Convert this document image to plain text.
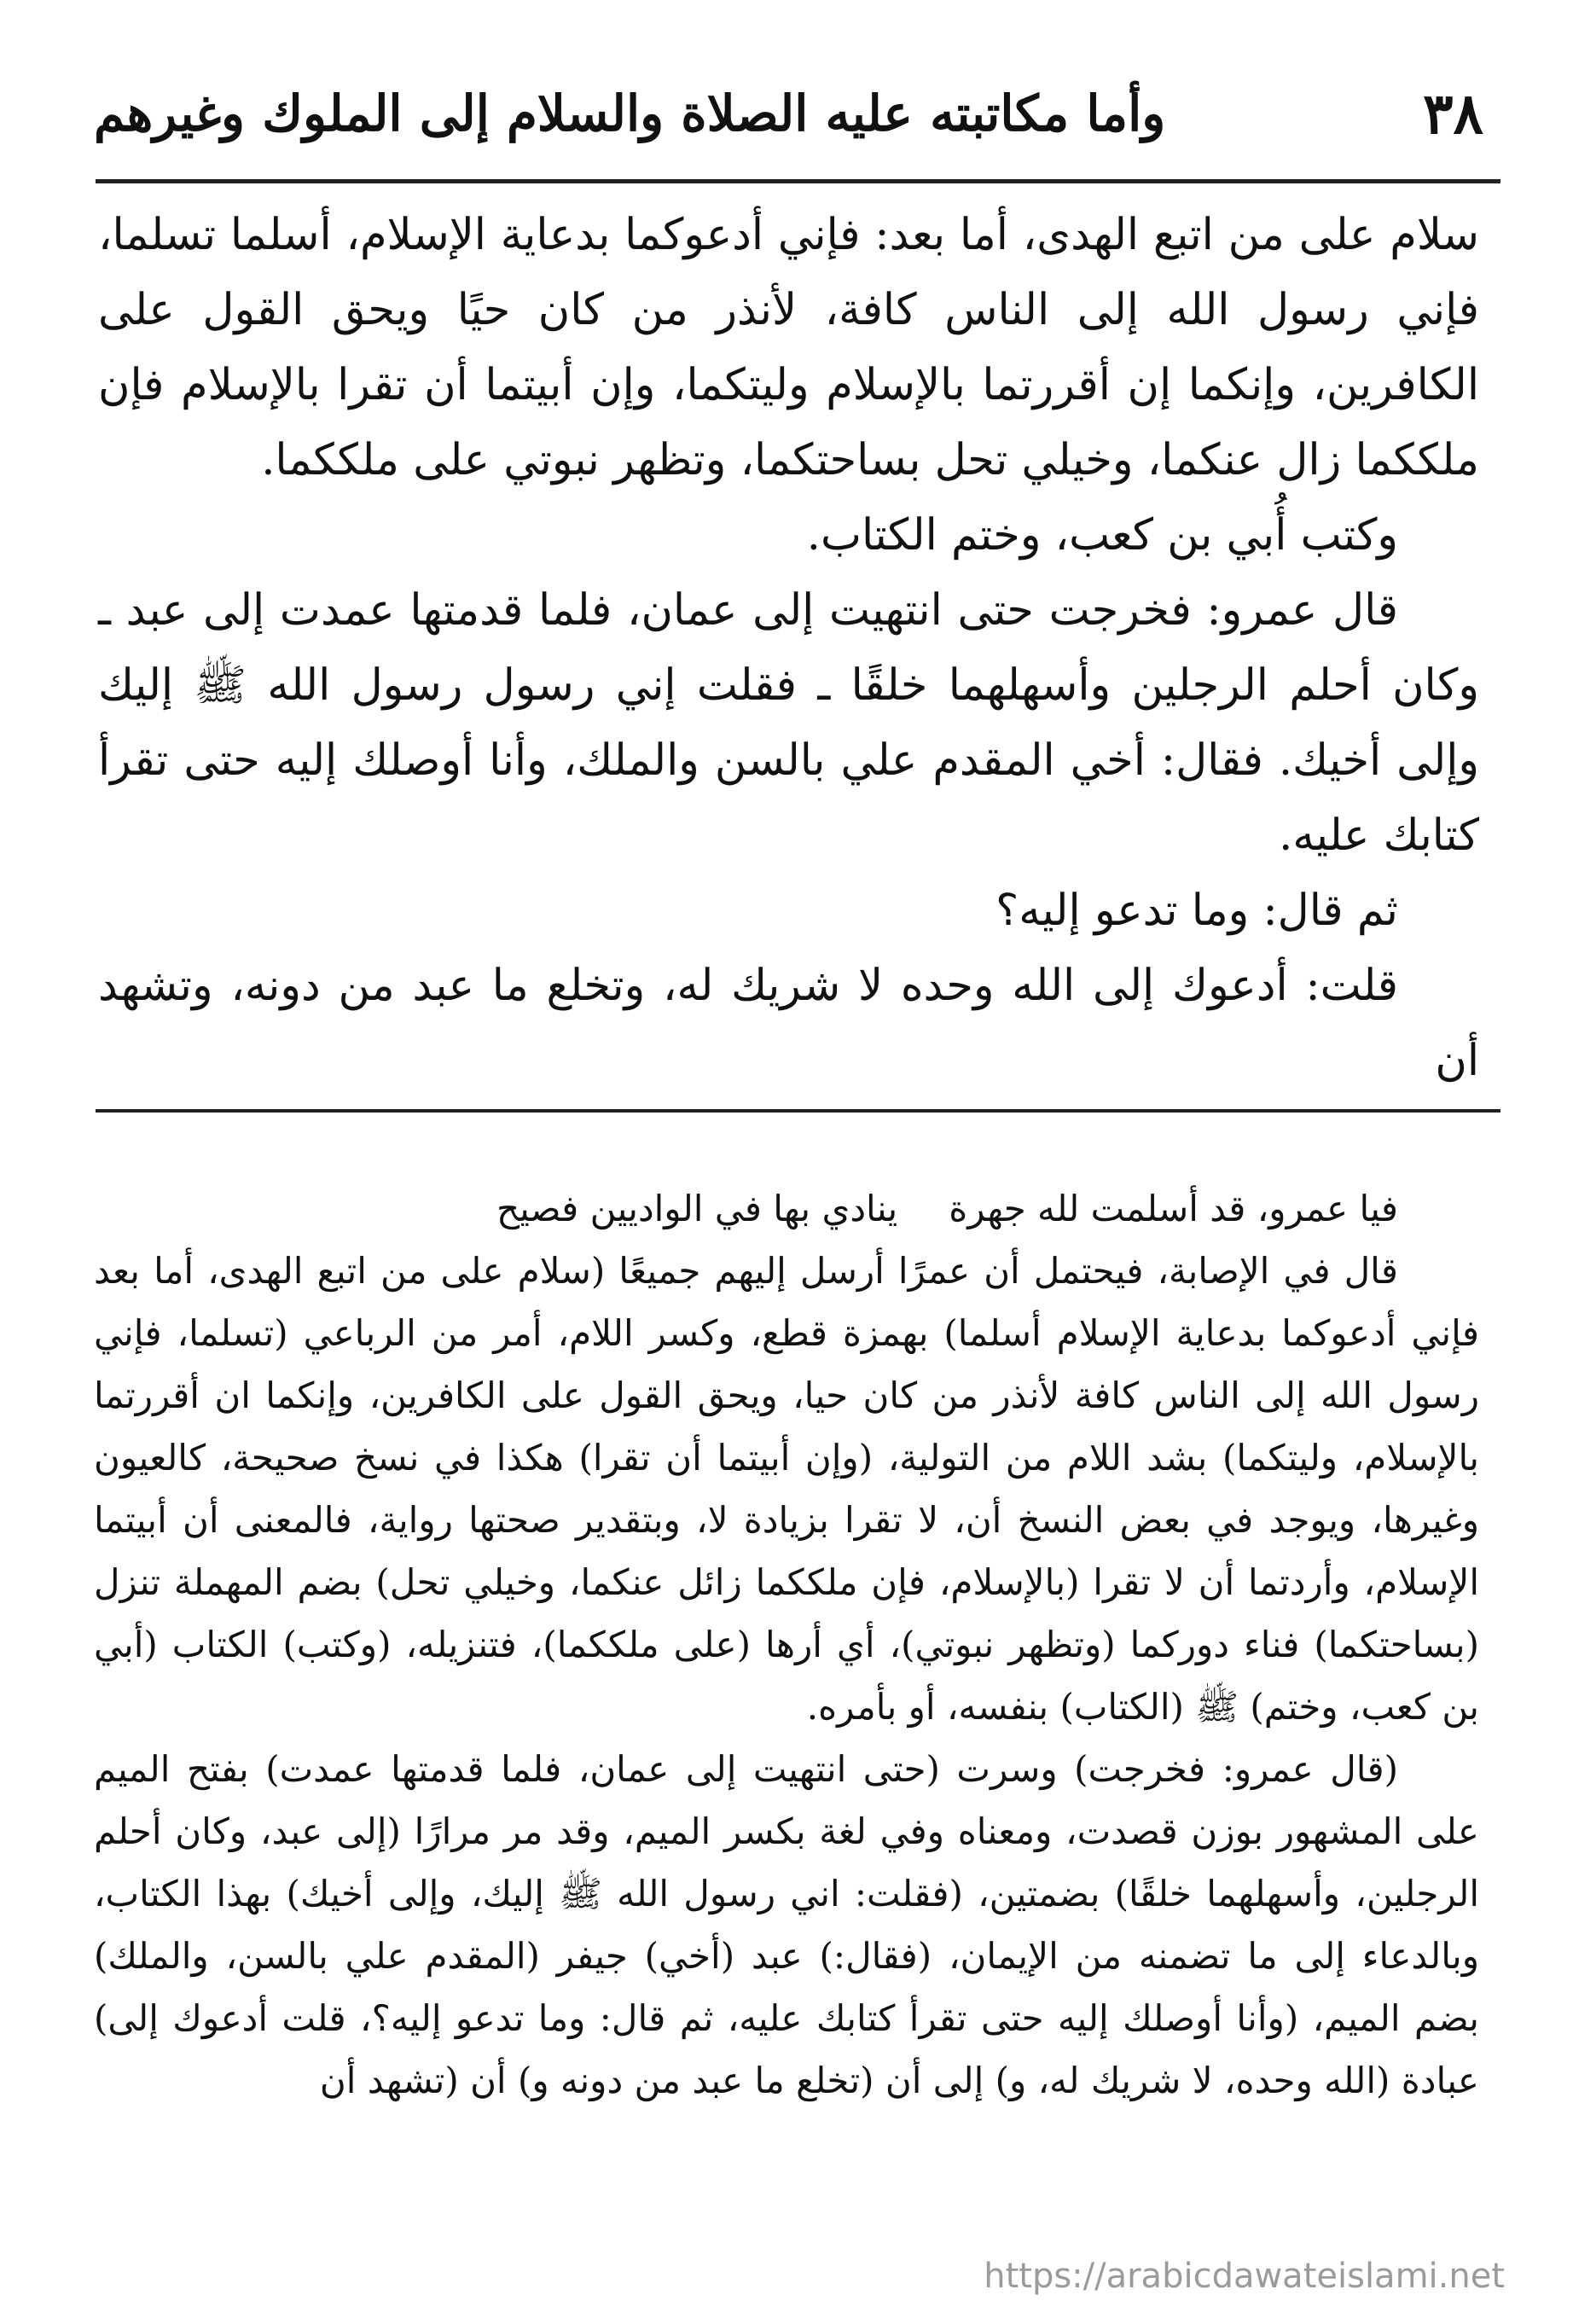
٣٨
وأما مكاتبته عليه الصلاة والسلام إلى الملوك وغيرهم

سلام على من اتبع الهدى، أما بعد: فإني أدعوكما بدعاية الإسلام، أسلما تسلما، فإني رسول الله إلى الناس كافة، لأنذر من كان حيًا ويحق القول على الكافرين، وإنكما إن أقررتما بالإسلام وليتكما، وإن أبيتما أن تقرا بالإسلام فإن ملككما زال عنكما، وخيلي تحل بساحتكما، وتظهر نبوتي على ملككما.

وكتب أُبي بن كعب، وختم الكتاب.

قال عمرو: فخرجت حتى انتهيت إلى عمان، فلما قدمتها عمدت إلى عبد ـ وكان أحلم الرجلين وأسهلهما خلقًا ـ فقلت إني رسول رسول الله ﷺ إليك وإلى أخيك. فقال: أخي المقدم علي بالسن والملك، وأنا أوصلك إليه حتى تقرأ كتابك عليه.

ثم قال: وما تدعو إليه؟

قلت: أدعوك إلى الله وحده لا شريك له، وتخلع ما عبد من دونه، وتشهد أن

فيا عمرو، قد أسلمت لله جهرة
ينادي بها في الواديين فصيح

قال في الإصابة، فيحتمل أن عمرًا أرسل إليهم جميعًا (سلام على من اتبع الهدى، أما بعد فإني أدعوكما بدعاية الإسلام أسلما) بهمزة قطع، وكسر اللام، أمر من الرباعي (تسلما، فإني رسول الله إلى الناس كافة لأنذر من كان حيا، ويحق القول على الكافرين، وإنكما ان أقررتما بالإسلام، وليتكما) بشد اللام من التولية، (وإن أبيتما أن تقرا) هكذا في نسخ صحيحة، كالعيون وغيرها، ويوجد في بعض النسخ أن، لا تقرا بزيادة لا، وبتقدير صحتها رواية، فالمعنى أن أبيتما الإسلام، وأردتما أن لا تقرا (بالإسلام، فإن ملككما زائل عنكما، وخيلي تحل) بضم المهملة تنزل (بساحتكما) فناء دوركما (وتظهر نبوتي)، أي أرها (على ملككما)، فتنزيله، (وكتب) الكتاب (أبي بن كعب، وختم) ﷺ (الكتاب) بنفسه، أو بأمره.

(قال عمرو: فخرجت) وسرت (حتى انتهيت إلى عمان، فلما قدمتها عمدت) بفتح الميم على المشهور بوزن قصدت، ومعناه وفي لغة بكسر الميم، وقد مر مرارًا (إلى عبد، وكان أحلم الرجلين، وأسهلهما خلقًا) بضمتين، (فقلت: اني رسول الله ﷺ إليك، وإلى أخيك) بهذا الكتاب، وبالدعاء إلى ما تضمنه من الإيمان، (فقال:) عبد (أخي) جيفر (المقدم علي بالسن، والملك) بضم الميم، (وأنا أوصلك إليه حتى تقرأ كتابك عليه، ثم قال: وما تدعو إليه؟، قلت أدعوك إلى) عبادة (الله وحده، لا شريك له، و) إلى أن (تخلع ما عبد من دونه و) أن (تشهد أن

https://arabicdawateislami.net
